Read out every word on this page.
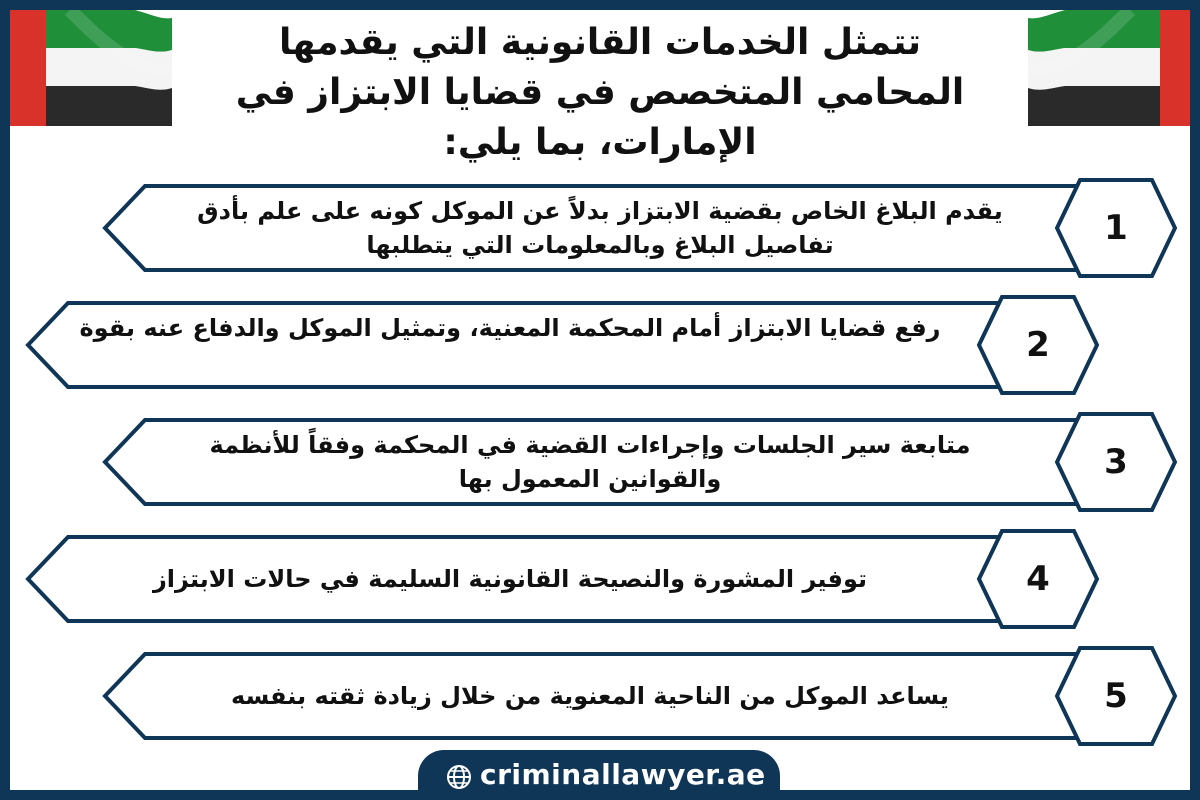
تتمثل الخدمات القانونية التي يقدمها المحامي المتخصص في قضايا الابتزاز في الإمارات، بما يلي:
يقدم البلاغ الخاص بقضية الابتزاز بدلاً عن الموكل كونه على علم بأدق تفاصيل البلاغ وبالمعلومات التي يتطلبها	1
رفع قضايا الابتزاز أمام المحكمة المعنية، وتمثيل الموكل والدفاع عنه بقوة	2
متابعة سير الجلسات وإجراءات القضية في المحكمة وفقاً للأنظمة والقوانين المعمول بها	3
توفير المشورة والنصيحة القانونية السليمة في حالات الابتزاز	4
يساعد الموكل من الناحية المعنوية من خلال زيادة ثقته بنفسه	5
criminallawyer.ae
